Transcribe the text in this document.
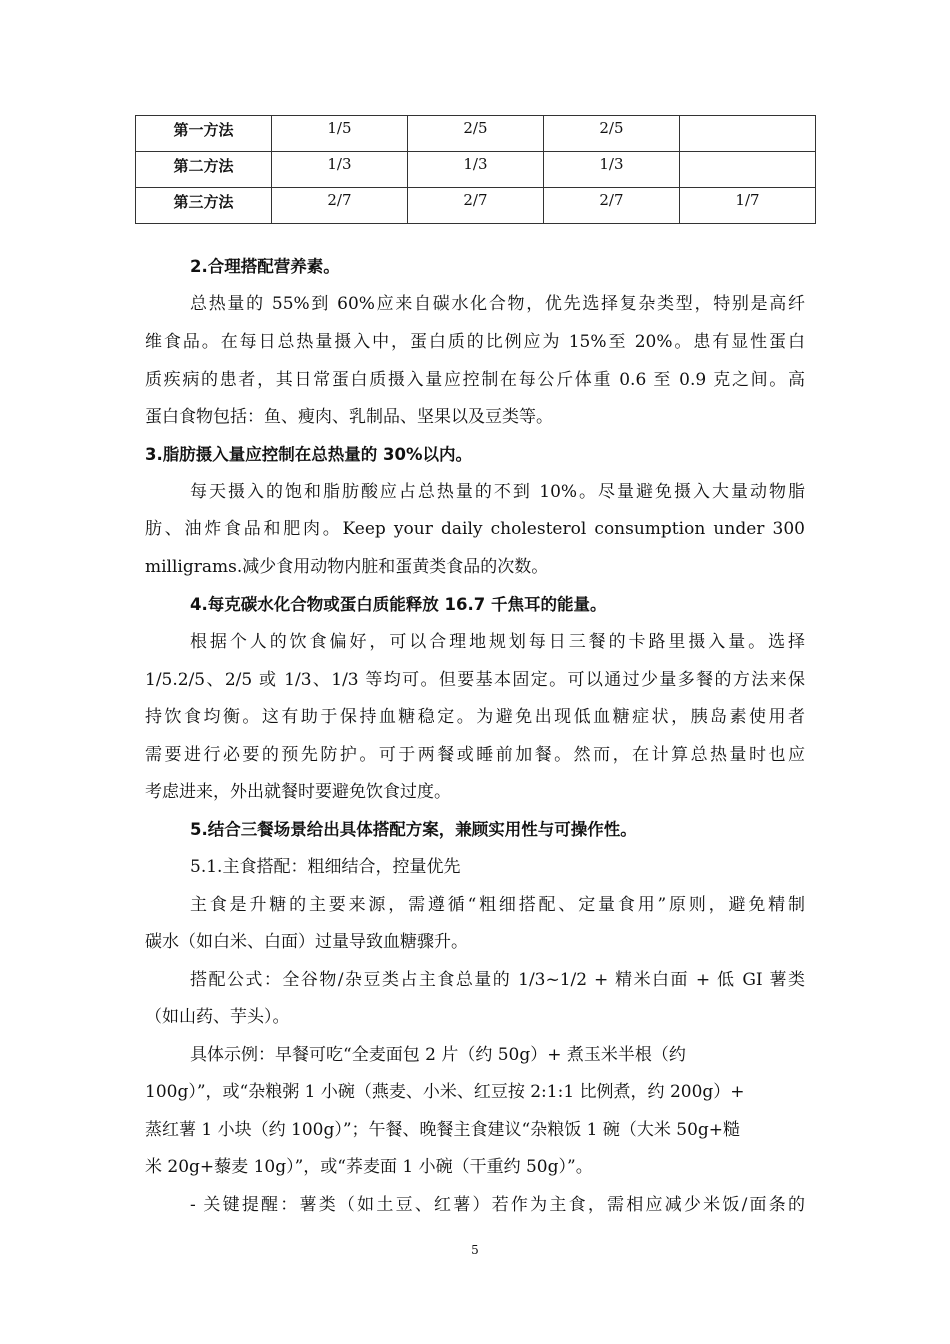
第一方法	1/5	2/5	2/5	
第二方法	1/3	1/3	1/3	
第三方法	2/7	2/7	2/7	1/7

2.合理搭配营养素。

总热量的 55%到 60%应来自碳水化合物，优先选择复杂类型，特别是高纤

维食品。在每日总热量摄入中，蛋白质的比例应为 15%至 20%。患有显性蛋白

质疾病的患者，其日常蛋白质摄入量应控制在每公斤体重 0.6 至 0.9 克之间。高

蛋白食物包括：鱼、瘦肉、乳制品、坚果以及豆类等。

3.脂肪摄入量应控制在总热量的 30%以内。

每天摄入的饱和脂肪酸应占总热量的不到 10%。尽量避免摄入大量动物脂

肪、油炸食品和肥肉。Keep your daily cholesterol consumption under 300

milligrams.减少食用动物内脏和蛋黄类食品的次数。

4.每克碳水化合物或蛋白质能释放 16.7 千焦耳的能量。

根据个人的饮食偏好，可以合理地规划每日三餐的卡路里摄入量。选择

1/5.2/5、2/5 或 1/3、1/3 等均可。但要基本固定。可以通过少量多餐的方法来保

持饮食均衡。这有助于保持血糖稳定。为避免出现低血糖症状，胰岛素使用者

需要进行必要的预先防护。可于两餐或睡前加餐。然而，在计算总热量时也应

考虑进来，外出就餐时要避免饮食过度。

5.结合三餐场景给出具体搭配方案，兼顾实用性与可操作性。

5.1.主食搭配：粗细结合，控量优先

主食是升糖的主要来源，需遵循“粗细搭配、定量食用”原则，避免精制

碳水（如白米、白面）过量导致血糖骤升。

搭配公式：全谷物/杂豆类占主食总量的 1/3~1/2 + 精米白面 + 低 GI 薯类

（如山药、芋头）。

具体示例：早餐可吃“全麦面包 2 片（约 50g）+ 煮玉米半根（约

100g）”，或“杂粮粥 1 小碗（燕麦、小米、红豆按 2:1:1 比例煮，约 200g）+

蒸红薯 1 小块（约 100g）”；午餐、晚餐主食建议“杂粮饭 1 碗（大米 50g+糙

米 20g+藜麦 10g）”，或“荞麦面 1 小碗（干重约 50g）”。

- 关键提醒：薯类（如土豆、红薯）若作为主食，需相应减少米饭/面条的

5
